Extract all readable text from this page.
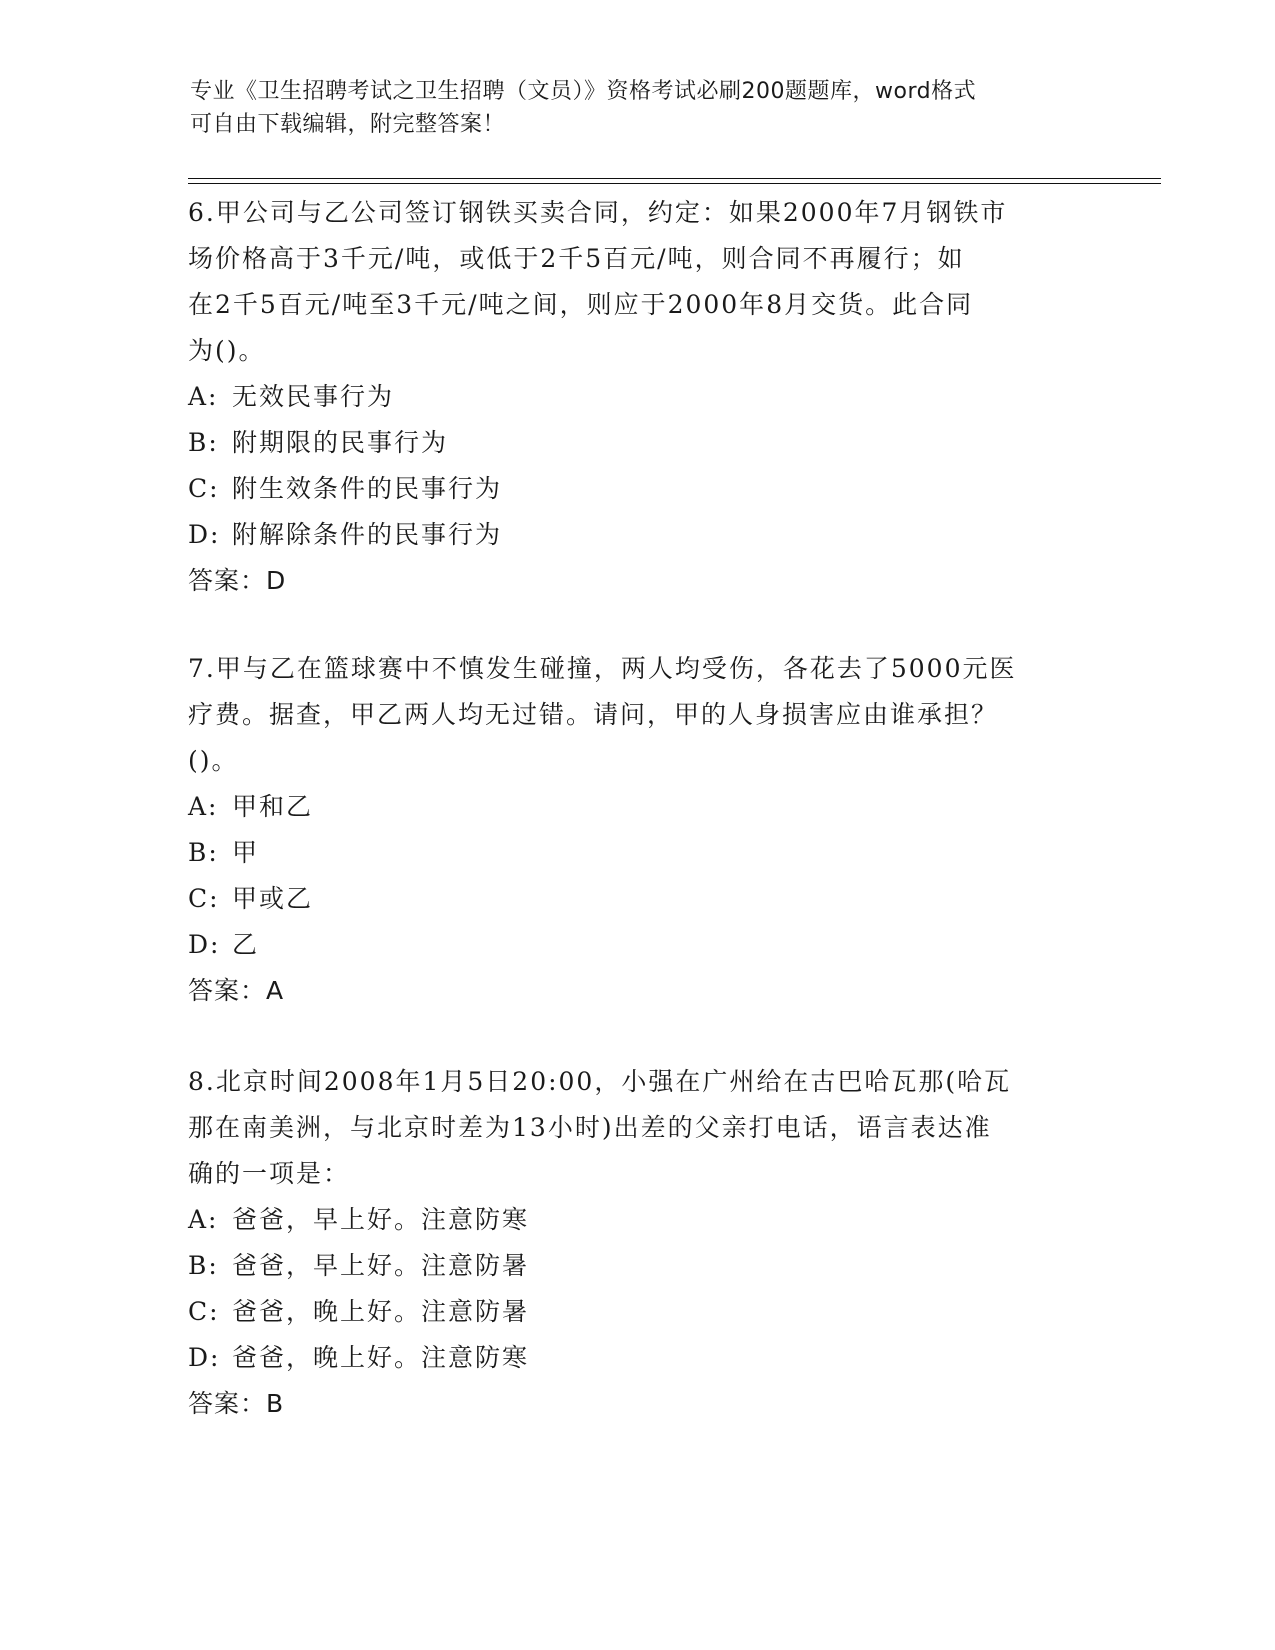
专业《卫生招聘考试之卫生招聘（文员）》资格考试必刷200题题库，word格式
可自由下载编辑，附完整答案！
6.甲公司与乙公司签订钢铁买卖合同，约定：如果2000年7月钢铁市
场价格高于3千元/吨，或低于2千5百元/吨，则合同不再履行；如
在2千5百元/吨至3千元/吨之间，则应于2000年8月交货。此合同
为()。
A: 无效民事行为
B: 附期限的民事行为
C: 附生效条件的民事行为
D: 附解除条件的民事行为
答案：D
7.甲与乙在篮球赛中不慎发生碰撞，两人均受伤，各花去了5000元医
疗费。据查，甲乙两人均无过错。请问，甲的人身损害应由谁承担？
()。
A: 甲和乙
B: 甲
C: 甲或乙
D: 乙
答案：A
8.北京时间2008年1月5日20:00，小强在广州给在古巴哈瓦那(哈瓦
那在南美洲，与北京时差为13小时)出差的父亲打电话，语言表达准
确的一项是：
A: 爸爸，早上好。注意防寒
B: 爸爸，早上好。注意防暑
C: 爸爸，晚上好。注意防暑
D: 爸爸，晚上好。注意防寒
答案：B
